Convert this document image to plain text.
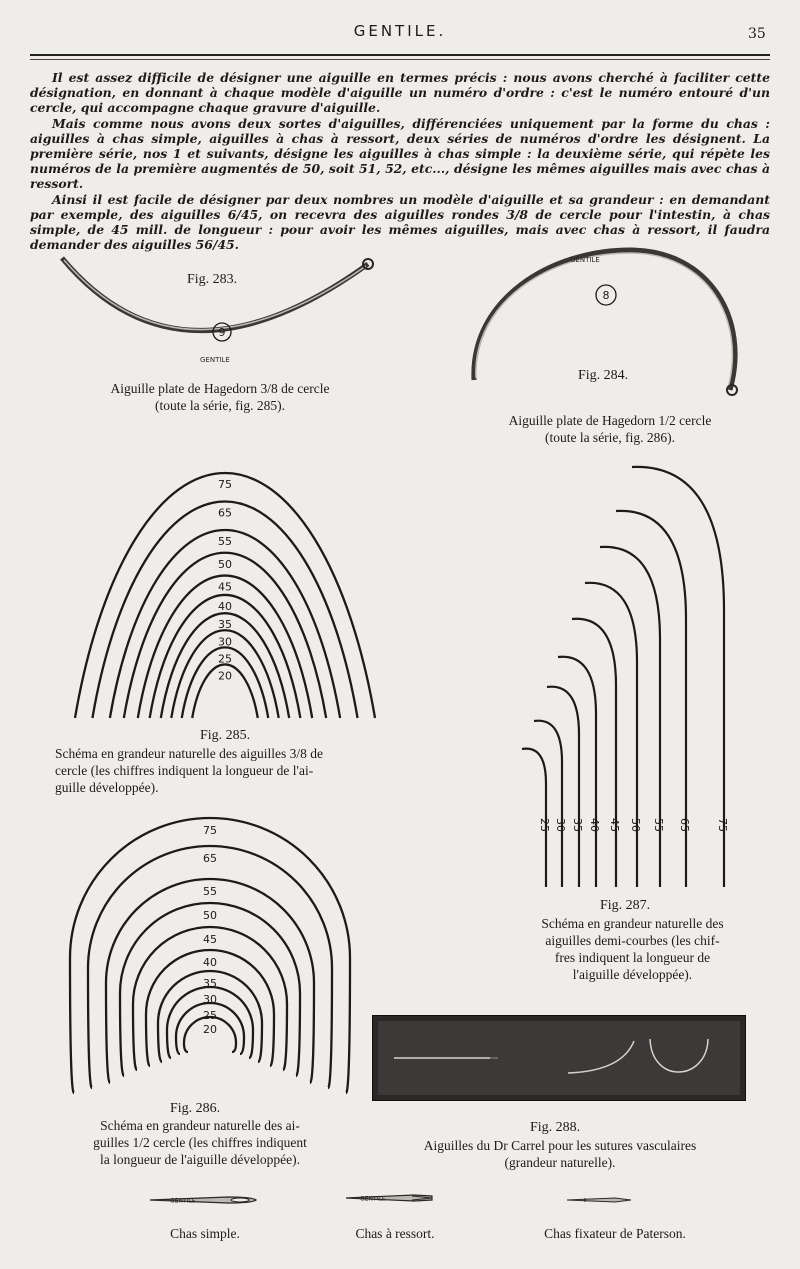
GENTILE.	35

Il est assez difficile de désigner une aiguille en termes précis : nous avons cherché à faciliter cette désignation, en donnant à chaque modèle d'aiguille un numéro d'ordre : c'est le numéro entouré d'un cercle, qui accompagne chaque gravure d'aiguille.

Mais comme nous avons deux sortes d'aiguilles, différenciées uniquement par la forme du chas : aiguilles à chas simple, aiguilles à chas à ressort, deux séries de numéros d'ordre les désignent. La première série, nos 1 et suivants, désigne les aiguilles à chas simple : la deuxième série, qui répète les numéros de la première augmentés de 50, soit 51, 52, etc..., désigne les mêmes aiguilles mais avec chas à ressort.

Ainsi il est facile de désigner par deux nombres un modèle d'aiguille et sa grandeur : en demandant par exemple, des aiguilles 6/45, on recevra des aiguilles rondes 3/8 de cercle pour l'intestin, à chas simple, de 45 mill. de longueur : pour avoir les mêmes aiguilles, mais avec chas à ressort, il faudra demander des aiguilles 56/45.

GENTILE
9
Fig. 283.
Aiguille plate de Hagedorn 3/8 de cercle
(toute la série, fig. 285).
GENTILE
8
Fig. 284.
Aiguille plate de Hagedorn 1/2 cercle
(toute la série, fig. 286).
75
65
55
50
45
40
35
30
25
20
Fig. 285.
Schéma en grandeur naturelle des aiguilles 3/8 de
cercle (les chiffres indiquent la longueur de l'ai-
guille développée).
75
65
55
50
45
40
35
30
25
20
Fig. 286.
Schéma en grandeur naturelle des ai-
guilles 1/2 cercle (les chiffres indiquent
la longueur de l'aiguille développée).
25 30 35 40 45 50 55 65 75
Fig. 287.
Schéma en grandeur naturelle des
aiguilles demi-courbes (les chif-
fres indiquent la longueur de
l'aiguille développée).
Fig. 288.
Aiguilles du Dr Carrel pour les sutures vasculaires
(grandeur naturelle).
GENTILE
Chas simple.
GENTILE
Chas à ressort.	Chas fixateur de Paterson.
